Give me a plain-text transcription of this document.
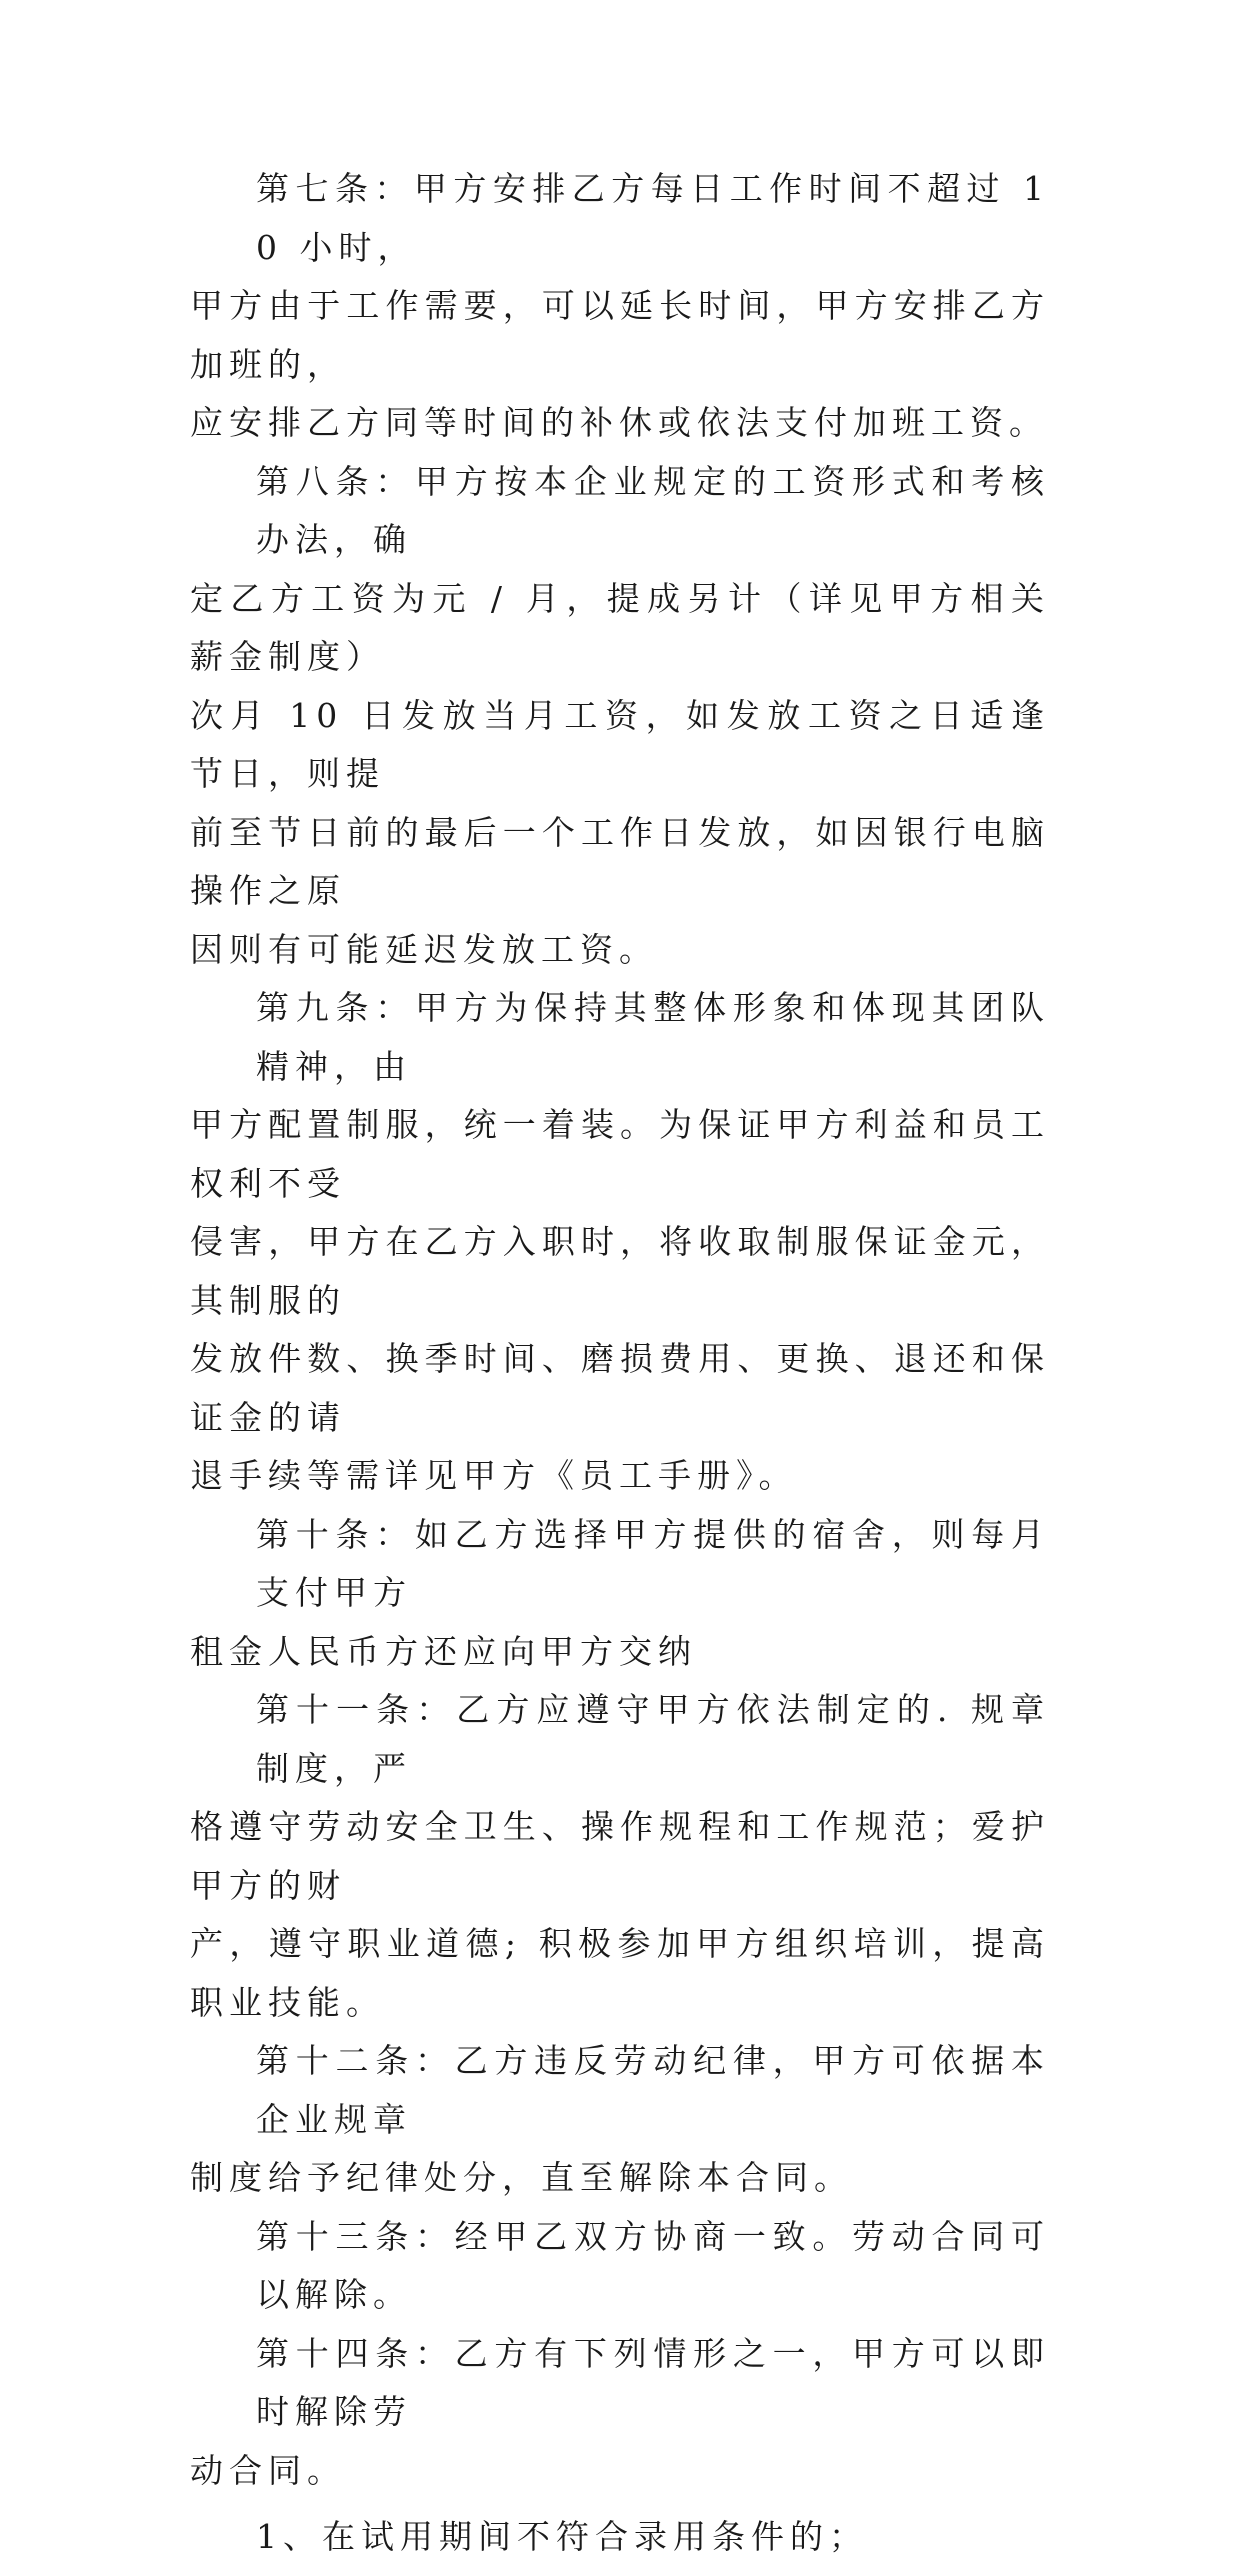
第七条：甲方安排乙方每日工作时间不超过 10 小时，
甲方由于工作需要，可以延长时间，甲方安排乙方加班的，
应安排乙方同等时间的补休或依法支付加班工资。

第八条：甲方按本企业规定的工资形式和考核办法，确
定乙方工资为元 / 月，提成另计（详见甲方相关薪金制度）
次月 10 日发放当月工资，如发放工资之日适逢节日，则提
前至节日前的最后一个工作日发放，如因银行电脑操作之原
因则有可能延迟发放工资。

第九条：甲方为保持其整体形象和体现其团队精神，由
甲方配置制服，统一着装。为保证甲方利益和员工权利不受
侵害，甲方在乙方入职时，将收取制服保证金元，其制服的
发放件数、换季时间、磨损费用、更换、退还和保证金的请
退手续等需详见甲方《员工手册》。

第十条：如乙方选择甲方提供的宿舍，则每月支付甲方
租金人民币方还应向甲方交纳

第十一条：乙方应遵守甲方依法制定的. 规章制度，严
格遵守劳动安全卫生、操作规程和工作规范；爱护甲方的财
产，遵守职业道德; 积极参加甲方组织培训，提高职业技能。

第十二条：乙方违反劳动纪律，甲方可依据本企业规章
制度给予纪律处分，直至解除本合同。

第十三条：经甲乙双方协商一致。劳动合同可以解除。

第十四条：乙方有下列情形之一，甲方可以即时解除劳
动合同。

1、在试用期间不符合录用条件的；
